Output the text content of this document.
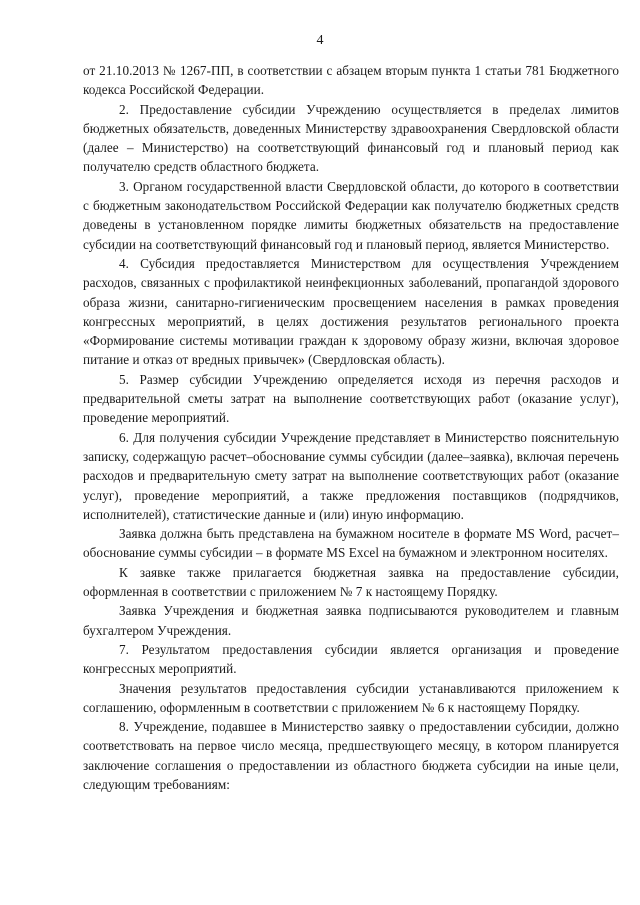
4

от 21.10.2013 № 1267-ПП, в соответствии с абзацем вторым пункта 1 статьи 781 Бюджетного кодекса Российской Федерации.

2. Предоставление субсидии Учреждению осуществляется в пределах лимитов бюджетных обязательств, доведенных Министерству здравоохранения Свердловской области (далее – Министерство) на соответствующий финансовый год и плановый период как получателю средств областного бюджета.

3. Органом государственной власти Свердловской области, до которого в соответствии с бюджетным законодательством Российской Федерации как получателю бюджетных средств доведены в установленном порядке лимиты бюджетных обязательств на предоставление субсидии на соответствующий финансовый год и плановый период, является Министерство.

4. Субсидия предоставляется Министерством для осуществления Учреждением расходов, связанных с профилактикой неинфекционных заболеваний, пропагандой здорового образа жизни, санитарно-гигиеническим просвещением населения в рамках проведения конгрессных мероприятий, в целях достижения результатов регионального проекта «Формирование системы мотивации граждан к здоровому образу жизни, включая здоровое питание и отказ от вредных привычек» (Свердловская область).

5. Размер субсидии Учреждению определяется исходя из перечня расходов и предварительной сметы затрат на выполнение соответствующих работ (оказание услуг), проведение мероприятий.

6. Для получения субсидии Учреждение представляет в Министерство пояснительную записку, содержащую расчет–обоснование суммы субсидии (далее–заявка), включая перечень расходов и предварительную смету затрат на выполнение соответствующих работ (оказание услуг), проведение мероприятий, а также предложения поставщиков (подрядчиков, исполнителей), статистические данные и (или) иную информацию.

Заявка должна быть представлена на бумажном носителе в формате MS Word, расчет–обоснование суммы субсидии – в формате MS Excel на бумажном и электронном носителях.

К заявке также прилагается бюджетная заявка на предоставление субсидии, оформленная в соответствии с приложением № 7 к настоящему Порядку.

Заявка Учреждения и бюджетная заявка подписываются руководителем и главным бухгалтером Учреждения.

7. Результатом предоставления субсидии является организация и проведение конгрессных мероприятий.

Значения результатов предоставления субсидии устанавливаются приложением к соглашению, оформленным в соответствии с приложением № 6 к настоящему Порядку.

8. Учреждение, подавшее в Министерство заявку о предоставлении субсидии, должно соответствовать на первое число месяца, предшествующего месяцу, в котором планируется заключение соглашения о предоставлении из областного бюджета субсидии на иные цели, следующим требованиям:
